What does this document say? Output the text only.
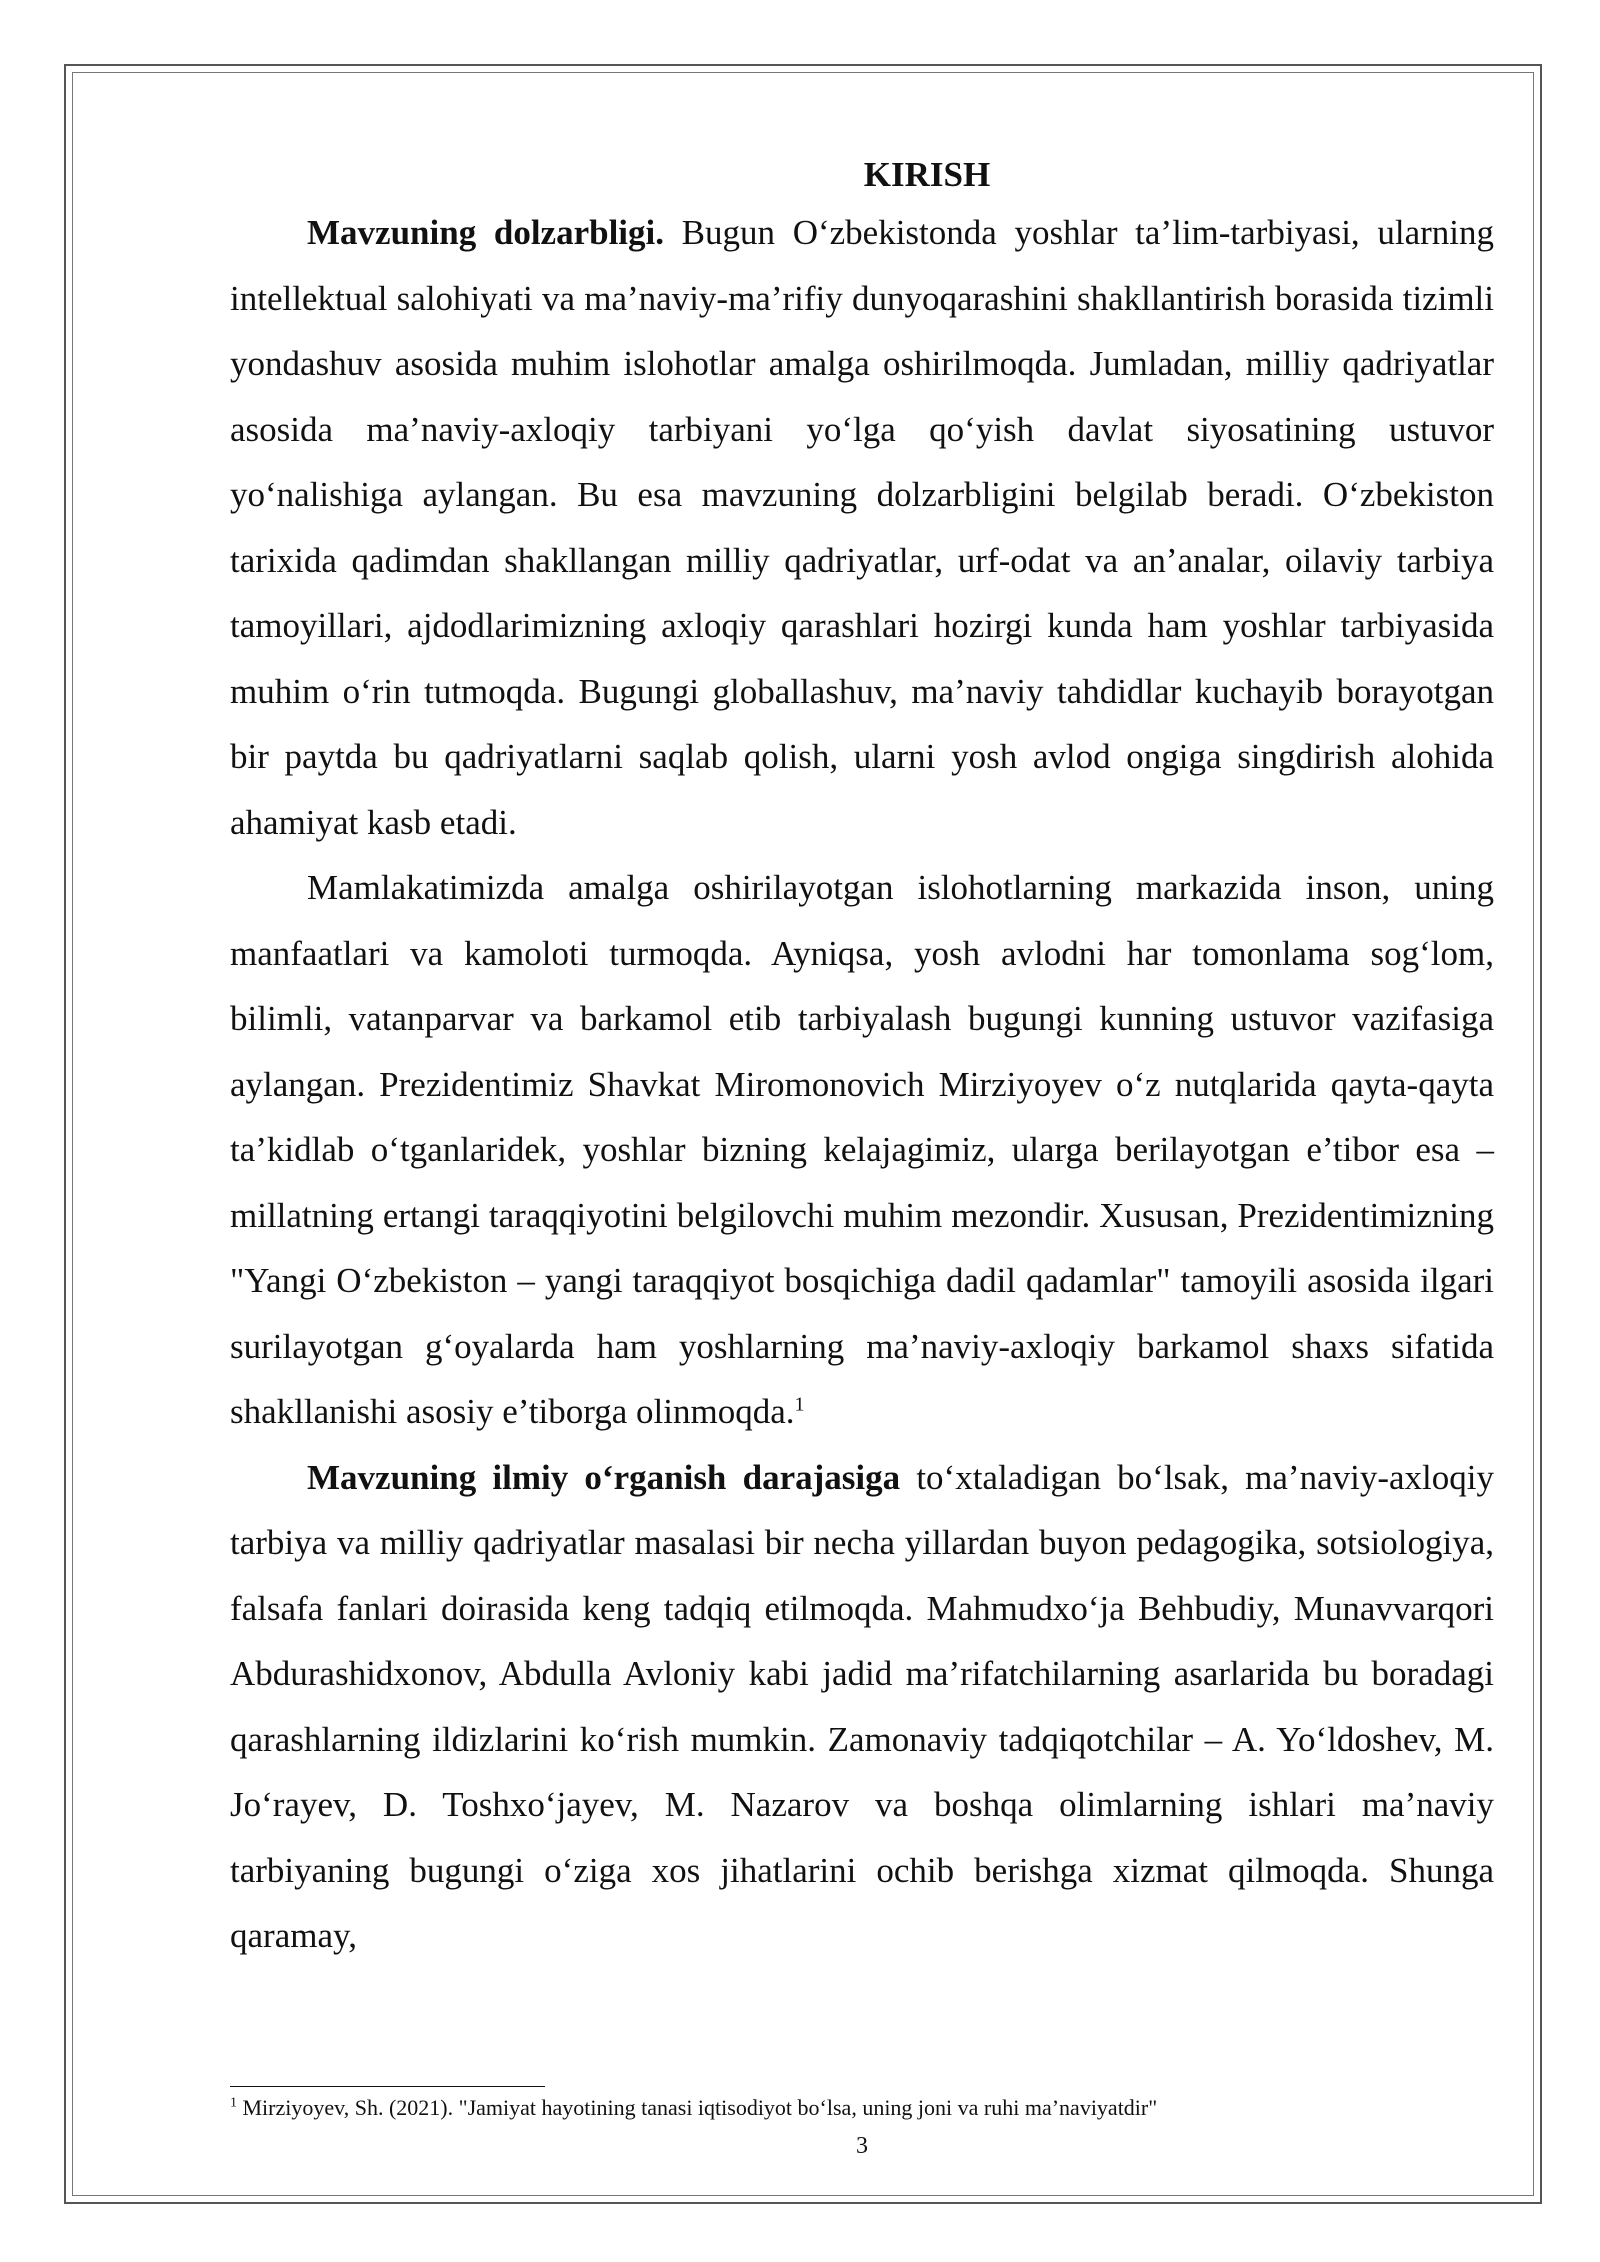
KIRISH

Mavzuning dolzarbligi. Bugun O‘zbekistonda yoshlar ta’lim-tarbiyasi, ularning intellektual salohiyati va ma’naviy-ma’rifiy dunyoqarashini shakllantirish borasida tizimli yondashuv asosida muhim islohotlar amalga oshirilmoqda. Jumladan, milliy qadriyatlar asosida ma’naviy-axloqiy tarbiyani yo‘lga qo‘yish davlat siyosatining ustuvor yo‘nalishiga aylangan. Bu esa mavzuning dolzarbligini belgilab beradi. O‘zbekiston tarixida qadimdan shakllangan milliy qadriyatlar, urf-odat va an’analar, oilaviy tarbiya tamoyillari, ajdodlarimizning axloqiy qarashlari hozirgi kunda ham yoshlar tarbiyasida muhim o‘rin tutmoqda. Bugungi globallashuv, ma’naviy tahdidlar kuchayib borayotgan bir paytda bu qadriyatlarni saqlab qolish, ularni yosh avlod ongiga singdirish alohida ahamiyat kasb etadi.

Mamlakatimizda amalga oshirilayotgan islohotlarning markazida inson, uning manfaatlari va kamoloti turmoqda. Ayniqsa, yosh avlodni har tomonlama sog‘lom, bilimli, vatanparvar va barkamol etib tarbiyalash bugungi kunning ustuvor vazifasiga aylangan. Prezidentimiz Shavkat Miromonovich Mirziyoyev o‘z nutqlarida qayta-qayta ta’kidlab o‘tganlaridek, yoshlar bizning kelajagimiz, ularga berilayotgan e’tibor esa – millatning ertangi taraqqiyotini belgilovchi muhim mezondir. Xususan, Prezidentimizning "Yangi O‘zbekiston – yangi taraqqiyot bosqichiga dadil qadamlar" tamoyili asosida ilgari surilayotgan g‘oyalarda ham yoshlarning ma’naviy-axloqiy barkamol shaxs sifatida shakllanishi asosiy e’tiborga olinmoqda.$^1$

Mavzuning ilmiy o‘rganish darajasiga to‘xtaladigan bo‘lsak, ma’naviy-axloqiy tarbiya va milliy qadriyatlar masalasi bir necha yillardan buyon pedagogika, sotsiologiya, falsafa fanlari doirasida keng tadqiq etilmoqda. Mahmudxo‘ja Behbudiy, Munavvarqori Abdurashidxonov, Abdulla Avloniy kabi jadid ma’rifatchilarning asarlarida bu boradagi qarashlarning ildizlarini ko‘rish mumkin. Zamonaviy tadqiqotchilar – A. Yo‘ldoshev, M. Jo‘rayev, D. Toshxo‘jayev, M. Nazarov va boshqa olimlarning ishlari ma’naviy tarbiyaning bugungi o‘ziga xos jihatlarini ochib berishga xizmat qilmoqda. Shunga qaramay,

$^1$ Mirziyoyev, Sh. (2021). "Jamiyat hayotining tanasi iqtisodiyot bo‘lsa, uning joni va ruhi ma’naviyatdir"
3
